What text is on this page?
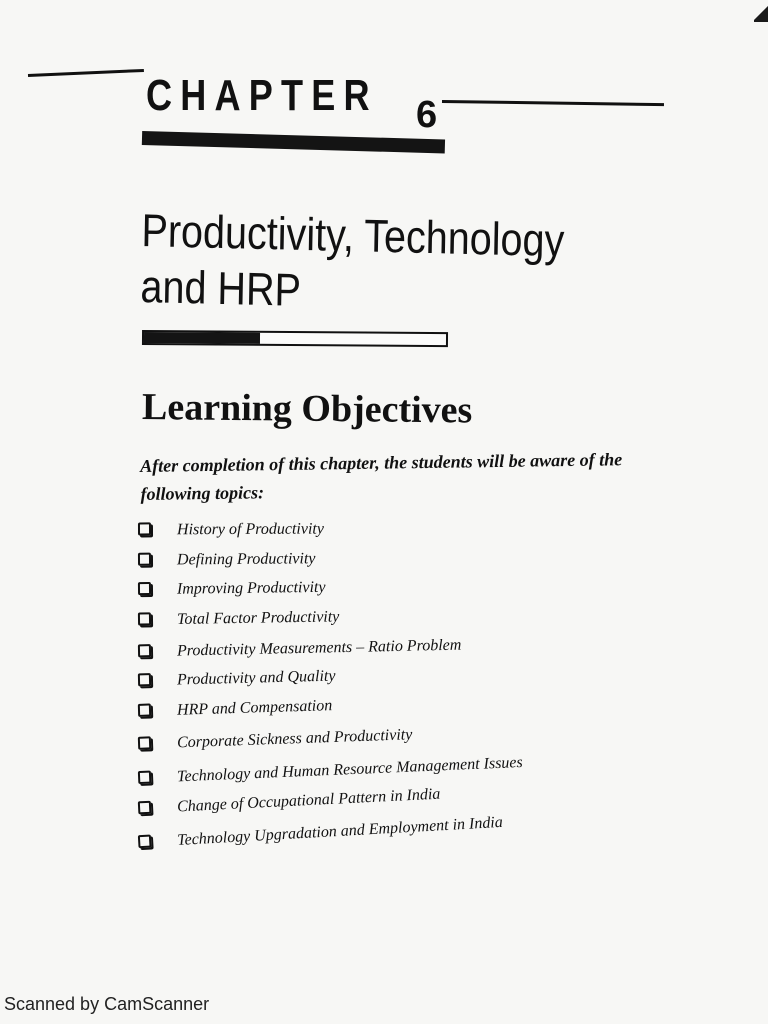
CHAPTER 6
Productivity, Technology and HRP
Learning Objectives
After completion of this chapter, the students will be aware of the following topics:
History of Productivity
Defining Productivity
Improving Productivity
Total Factor Productivity
Productivity Measurements – Ratio Problem
Productivity and Quality
HRP and Compensation
Corporate Sickness and Productivity
Technology and Human Resource Management Issues
Change of Occupational Pattern in India
Technology Upgradation and Employment in India
Scanned by CamScanner
